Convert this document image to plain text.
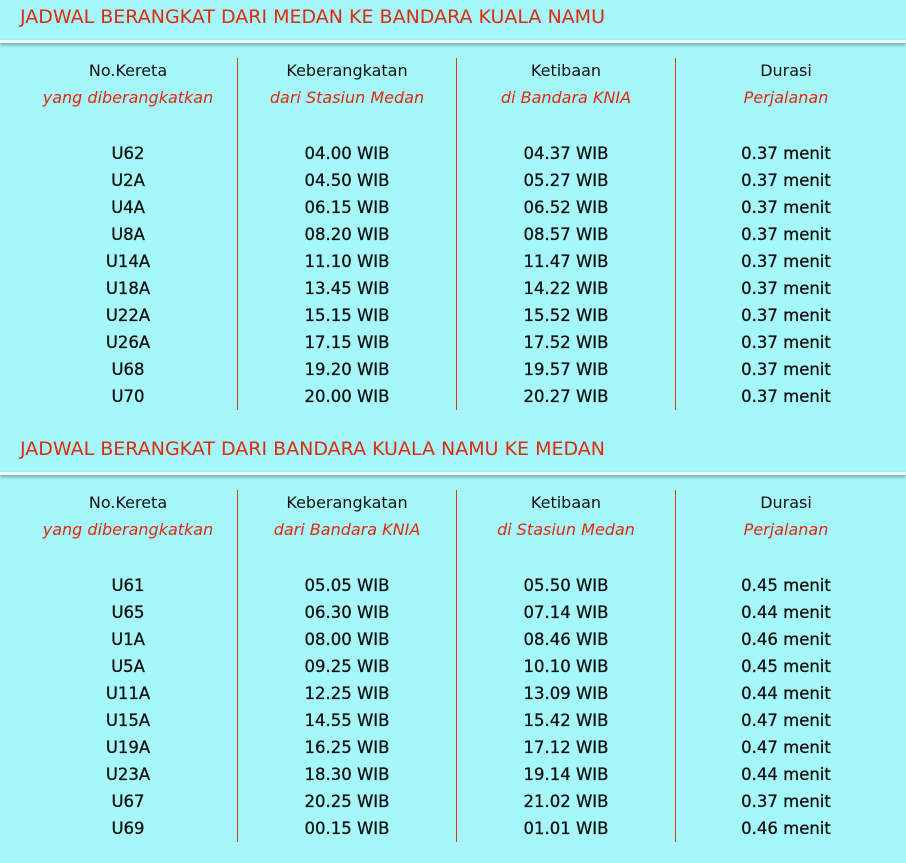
JADWAL BERANGKAT DARI MEDAN KE BANDARA KUALA NAMU
No.Kereta
yang diberangkatkan
U62
U2A
U4A
U8A
U14A
U18A
U22A
U26A
U68
U70
Keberangkatan
dari Stasiun Medan
04.00 WIB
04.50 WIB
06.15 WIB
08.20 WIB
11.10 WIB
13.45 WIB
15.15 WIB
17.15 WIB
19.20 WIB
20.00 WIB
Ketibaan
di Bandara KNIA
04.37 WIB
05.27 WIB
06.52 WIB
08.57 WIB
11.47 WIB
14.22 WIB
15.52 WIB
17.52 WIB
19.57 WIB
20.27 WIB
Durasi
Perjalanan
0.37 menit
0.37 menit
0.37 menit
0.37 menit
0.37 menit
0.37 menit
0.37 menit
0.37 menit
0.37 menit
0.37 menit
JADWAL BERANGKAT DARI BANDARA KUALA NAMU KE MEDAN
No.Kereta
yang diberangkatkan
U61
U65
U1A
U5A
U11A
U15A
U19A
U23A
U67
U69
Keberangkatan
dari Bandara KNIA
05.05 WIB
06.30 WIB
08.00 WIB
09.25 WIB
12.25 WIB
14.55 WIB
16.25 WIB
18.30 WIB
20.25 WIB
00.15 WIB
Ketibaan
di Stasiun Medan
05.50 WIB
07.14 WIB
08.46 WIB
10.10 WIB
13.09 WIB
15.42 WIB
17.12 WIB
19.14 WIB
21.02 WIB
01.01 WIB
Durasi
Perjalanan
0.45 menit
0.44 menit
0.46 menit
0.45 menit
0.44 menit
0.47 menit
0.47 menit
0.44 menit
0.37 menit
0.46 menit
